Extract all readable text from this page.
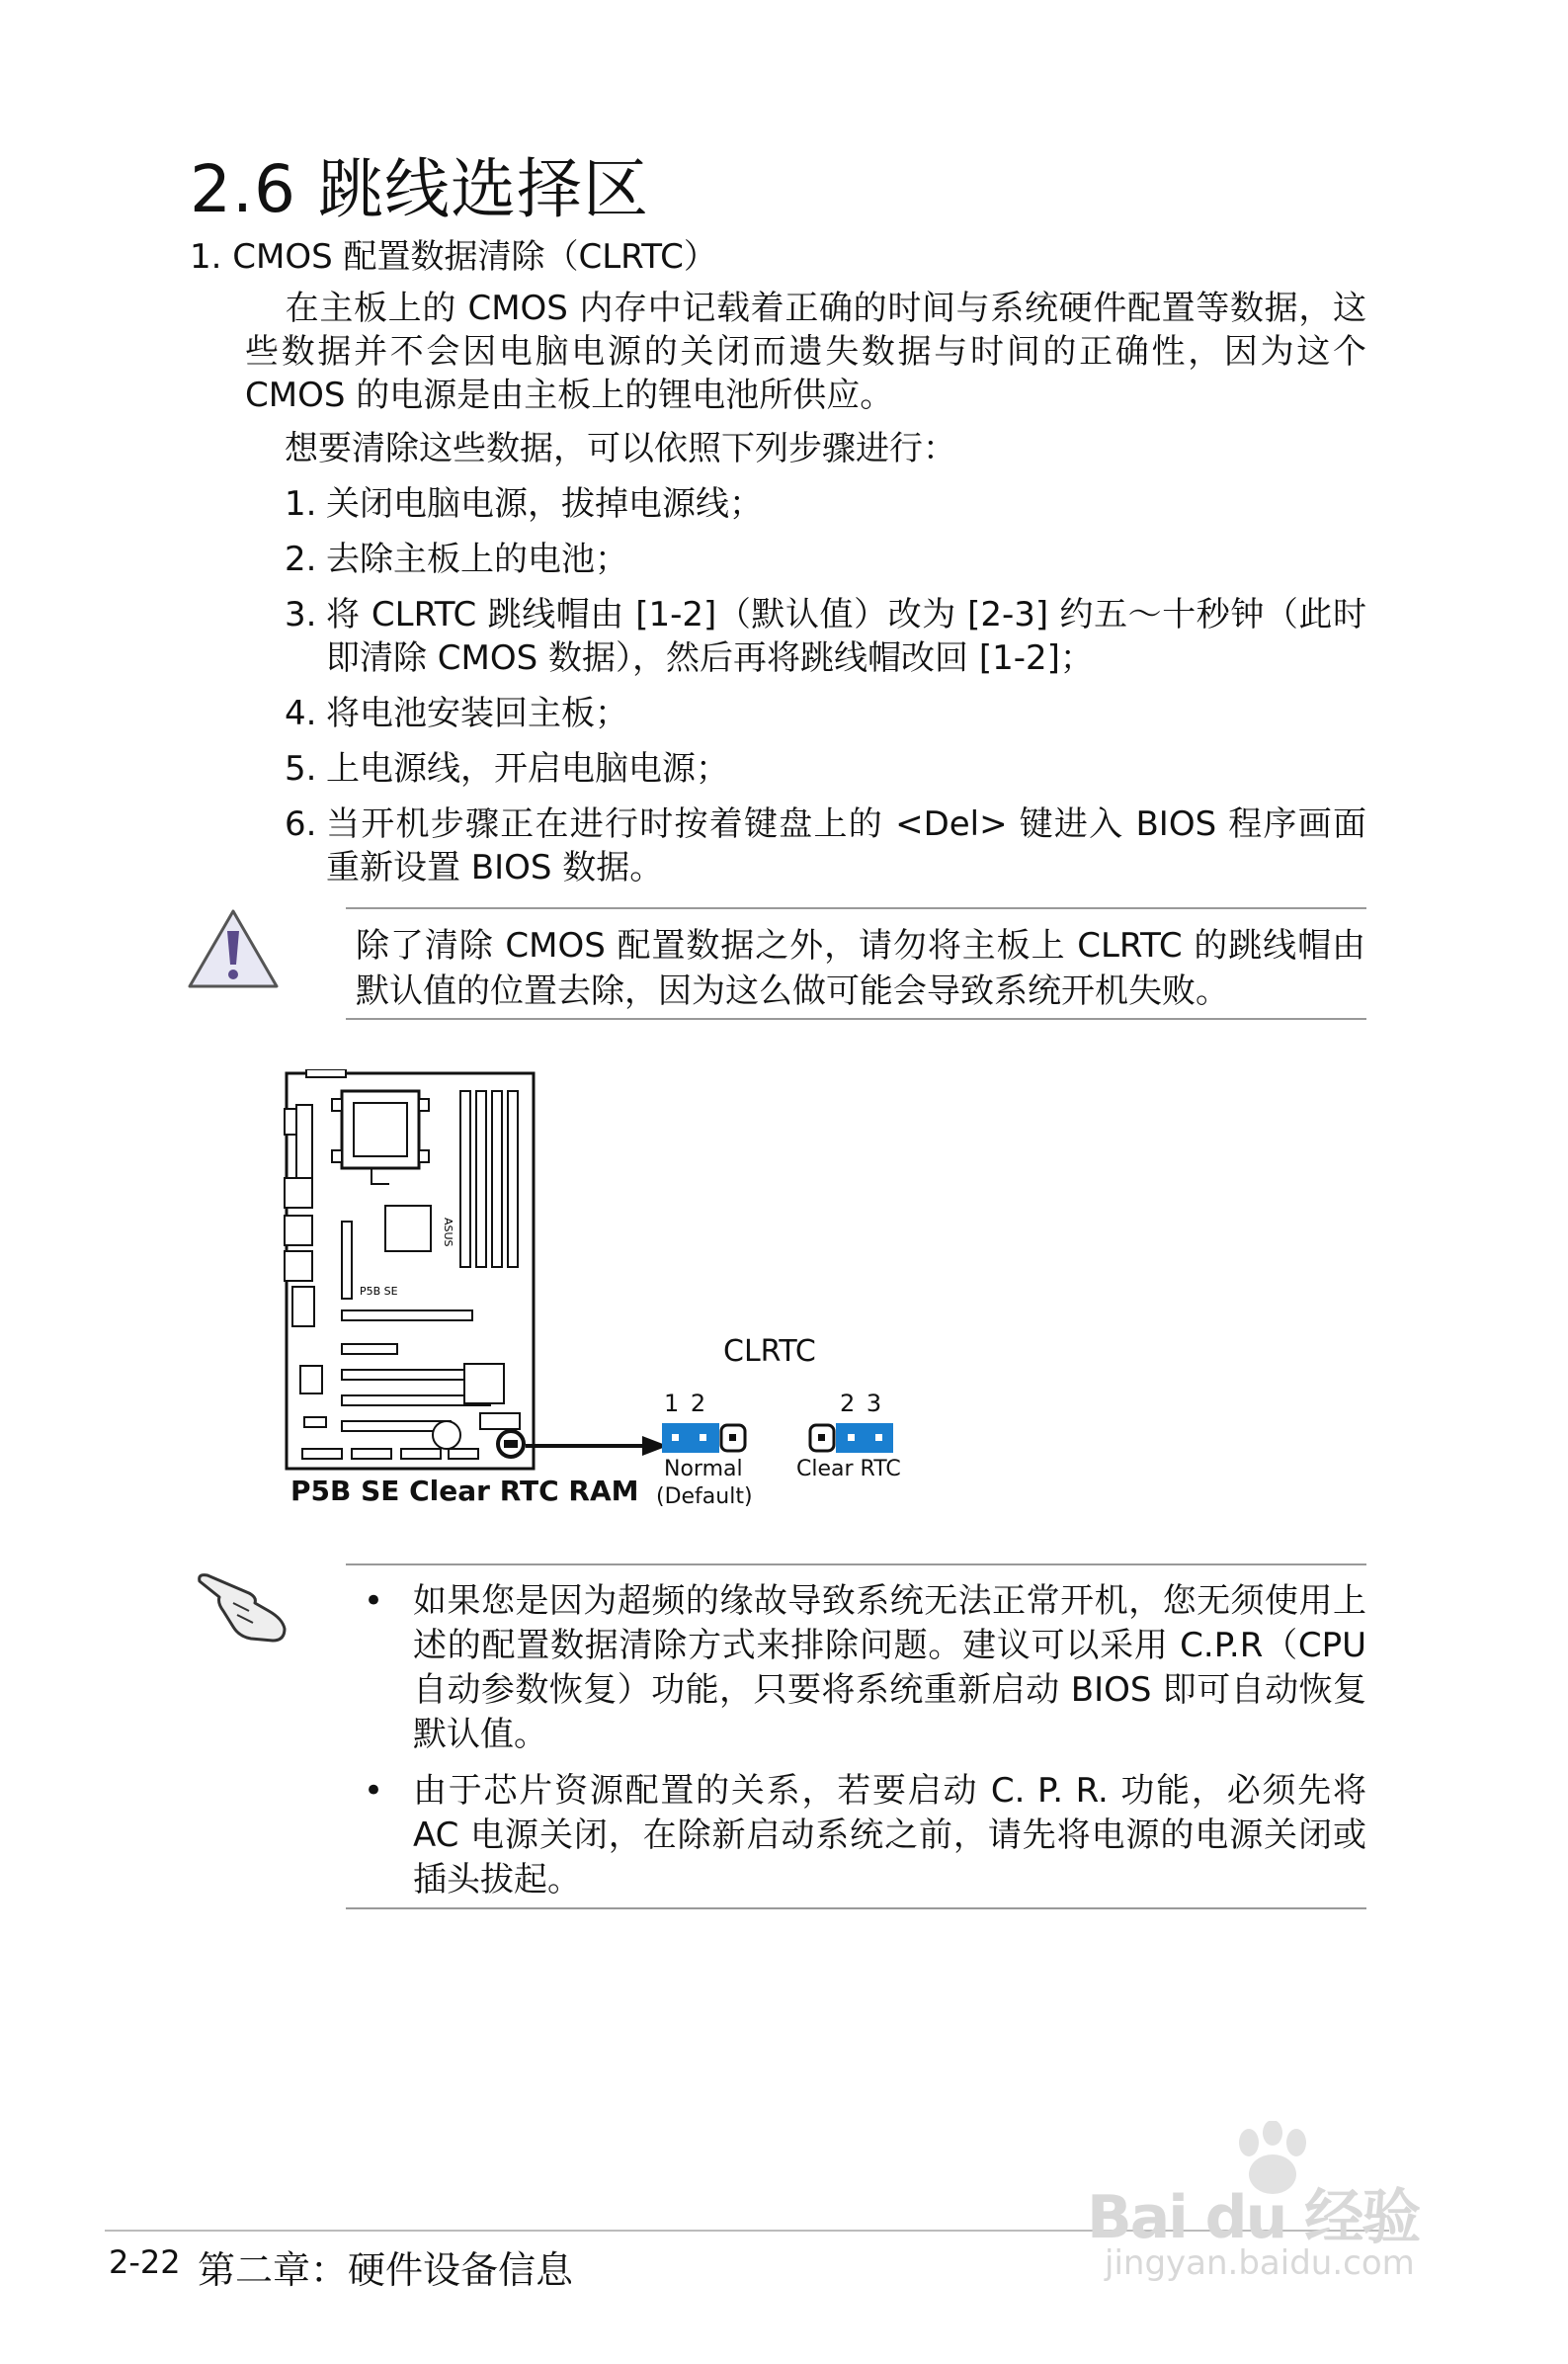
2.6 跳线选择区
1. CMOS 配置数据清除（CLRTC）
在主板上的 CMOS 内存中记载着正确的时间与系统硬件配置等数据，这些数据并不会因电脑电源的关闭而遗失数据与时间的正确性，因为这个 CMOS 的电源是由主板上的锂电池所供应。
想要清除这些数据，可以依照下列步骤进行：
1. 关闭电脑电源，拔掉电源线；
2. 去除主板上的电池；
3. 将 CLRTC 跳线帽由 [1-2]（默认值）改为 [2-3] 约五～十秒钟（此时即清除 CMOS 数据），然后再将跳线帽改回 [1-2]；
4. 将电池安装回主板；
5. 上电源线，开启电脑电源；
6. 当开机步骤正在进行时按着键盘上的 <Del> 键进入 BIOS 程序画面重新设置 BIOS 数据。
除了清除 CMOS 配置数据之外，请勿将主板上 CLRTC 的跳线帽由默认值的位置去除，因为这么做可能会导致系统开机失败。
ASUS
P5B SE
CLRTC
1 2
Normal
(Default)
2 3
Clear RTC
P5B SE Clear RTC RAM
• 如果您是因为超频的缘故导致系统无法正常开机，您无须使用上述的配置数据清除方式来排除问题。建议可以采用 C.P.R（CPU自动参数恢复）功能，只要将系统重新启动 BIOS 即可自动恢复默认值。
• 由于芯片资源配置的关系，若要启动 C. P. R. 功能，必须先将 AC 电源关闭，在除新启动系统之前，请先将电源的电源关闭或插头拔起。
2-22 第二章：硬件设备信息
Bai du 经验
jingyan.baidu.com
